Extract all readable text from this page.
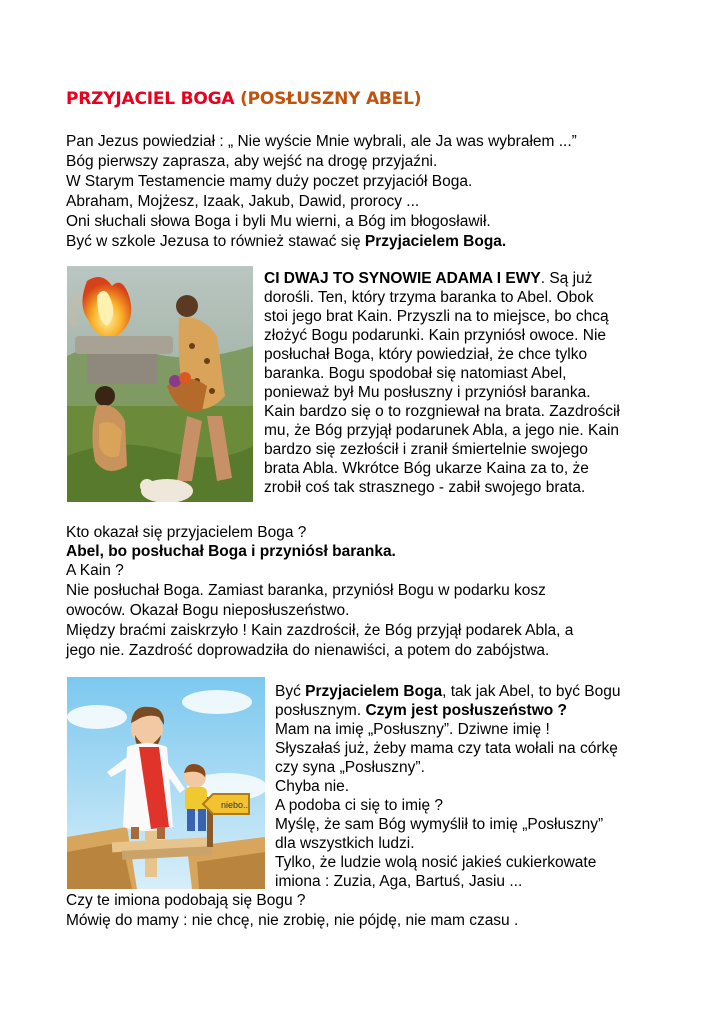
PRZYJACIEL BOGA (POSŁUSZNY ABEL)
Pan Jezus powiedział : „ Nie wyście Mnie wybrali, ale Ja was wybrałem ...”
Bóg pierwszy zaprasza, aby wejść na drogę przyjaźni.
W Starym Testamencie mamy duży poczet przyjaciół Boga.
Abraham, Mojżesz, Izaak, Jakub, Dawid, prorocy ...
Oni słuchali słowa Boga i byli Mu wierni, a Bóg im błogosławił.
Być w szkole Jezusa to również stawać się Przyjacielem Boga.
CI DWAJ TO SYNOWIE ADAMA I EWY. Są już
dorośli. Ten, który trzyma baranka to Abel. Obok
stoi jego brat Kain. Przyszli na to miejsce, bo chcą
złożyć Bogu podarunki. Kain przyniósł owoce. Nie
posłuchał Boga, który powiedział, że chce tylko
baranka. Bogu spodobał się natomiast Abel,
ponieważ był Mu posłuszny i przyniósł baranka.
Kain bardzo się o to rozgniewał na brata. Zazdrościł
mu, że Bóg przyjął podarunek Abla, a jego nie. Kain
bardzo się zezłościł i zranił śmiertelnie swojego
brata Abla. Wkrótce Bóg ukarze Kaina za to, że
zrobił coś tak strasznego - zabił swojego brata.
Kto okazał się przyjacielem Boga ?
Abel, bo posłuchał Boga i przyniósł baranka.
A Kain ?
Nie posłuchał Boga. Zamiast baranka, przyniósł Bogu w podarku kosz
owoców. Okazał Bogu nieposłuszeństwo.
Między braćmi zaiskrzyło ! Kain zazdrościł, że Bóg przyjął podarek Abla, a
jego nie. Zazdrość doprowadziła do nienawiści, a potem do zabójstwa.
niebo..
Być Przyjacielem Boga, tak jak Abel, to być Bogu
posłusznym. Czym jest posłuszeństwo ?
Mam na imię „Posłuszny”. Dziwne imię !
Słyszałaś już, żeby mama czy tata wołali na córkę
czy syna „Posłuszny”.
Chyba nie.
A podoba ci się to imię ?
Myślę, że sam Bóg wymyślił to imię „Posłuszny”
dla wszystkich ludzi.
Tylko, że ludzie wolą nosić jakieś cukierkowate
imiona : Zuzia, Aga, Bartuś, Jasiu ...
Czy te imiona podobają się Bogu ?
Mówię do mamy : nie chcę, nie zrobię, nie pójdę, nie mam czasu .
